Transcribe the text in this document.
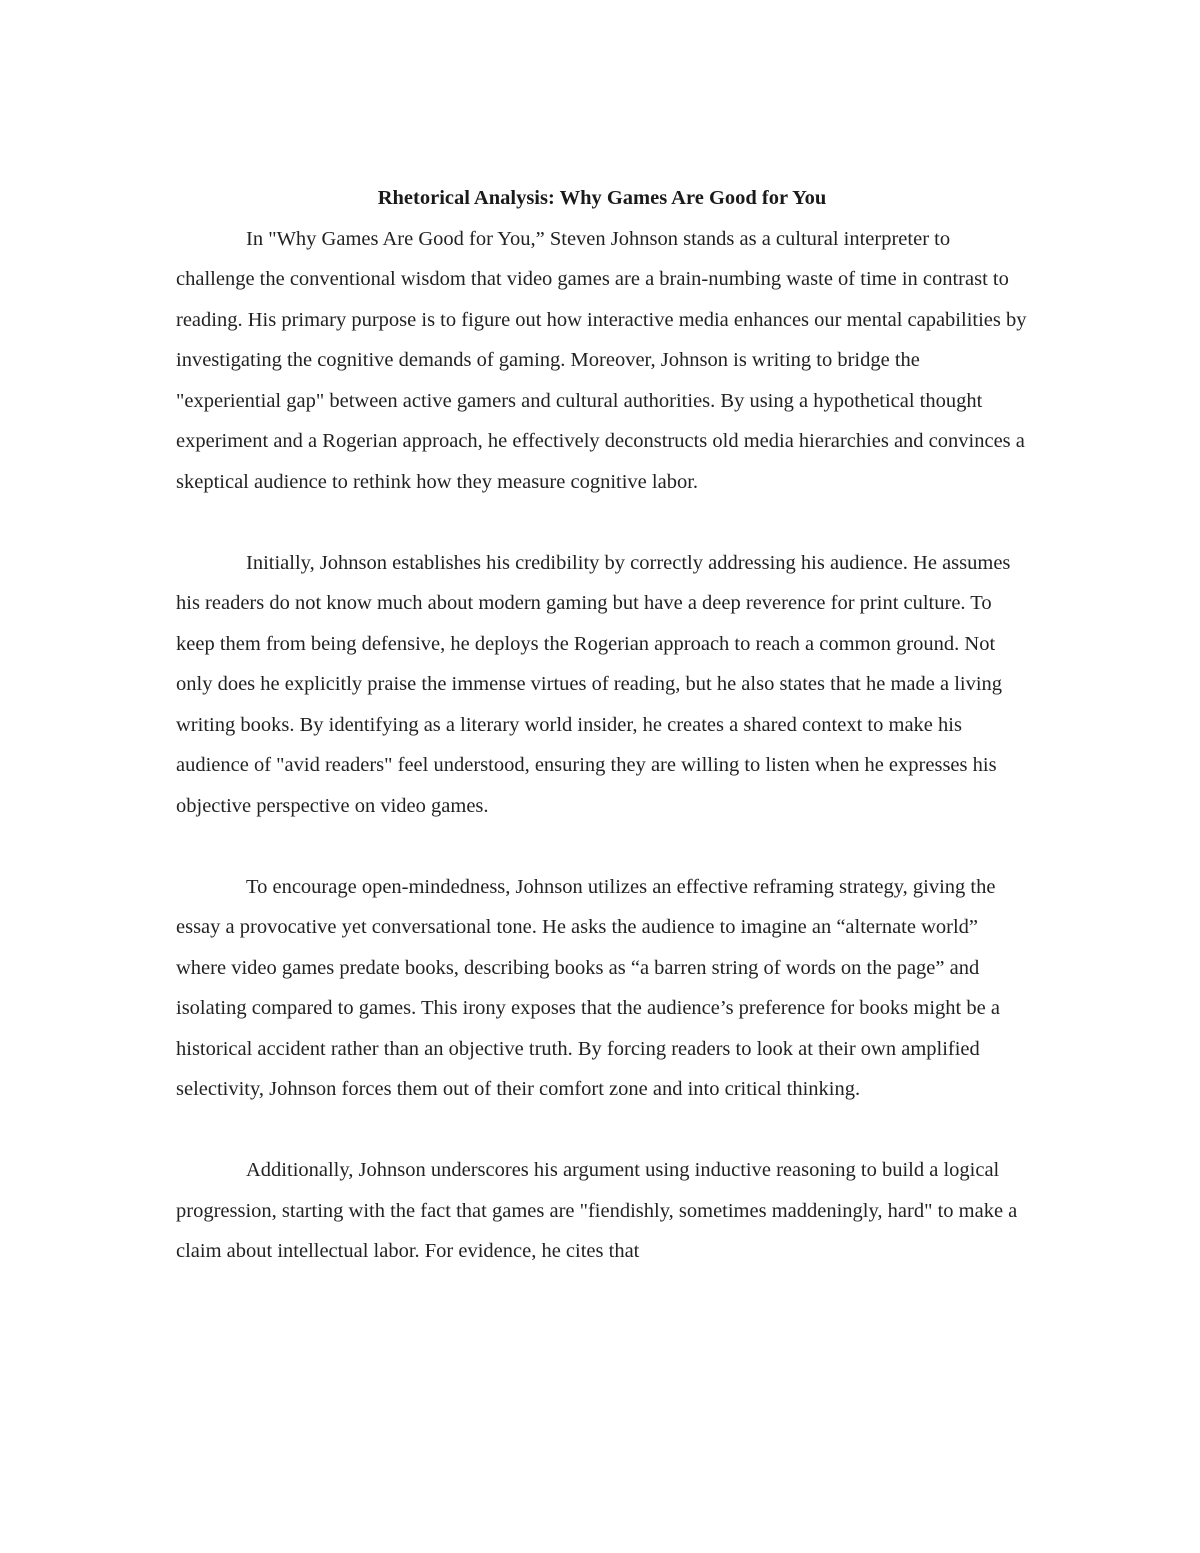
Rhetorical Analysis: Why Games Are Good for You

In "Why Games Are Good for You,” Steven Johnson stands as a cultural interpreter to challenge the conventional wisdom that video games are a brain-numbing waste of time in contrast to reading. His primary purpose is to figure out how interactive media enhances our mental capabilities by investigating the cognitive demands of gaming. Moreover, Johnson is writing to bridge the "experiential gap" between active gamers and cultural authorities. By using a hypothetical thought experiment and a Rogerian approach, he effectively deconstructs old media hierarchies and convinces a skeptical audience to rethink how they measure cognitive labor.

Initially, Johnson establishes his credibility by correctly addressing his audience. He assumes his readers do not know much about modern gaming but have a deep reverence for print culture. To keep them from being defensive, he deploys the Rogerian approach to reach a common ground. Not only does he explicitly praise the immense virtues of reading, but he also states that he made a living writing books. By identifying as a literary world insider, he creates a shared context to make his audience of "avid readers" feel understood, ensuring they are willing to listen when he expresses his objective perspective on video games.

To encourage open-mindedness, Johnson utilizes an effective reframing strategy, giving the essay a provocative yet conversational tone. He asks the audience to imagine an “alternate world” where video games predate books, describing books as “a barren string of words on the page” and isolating compared to games. This irony exposes that the audience’s preference for books might be a historical accident rather than an objective truth. By forcing readers to look at their own amplified selectivity, Johnson forces them out of their comfort zone and into critical thinking.

Additionally, Johnson underscores his argument using inductive reasoning to build a logical progression, starting with the fact that games are "fiendishly, sometimes maddeningly, hard" to make a claim about intellectual labor. For evidence, he cites that
